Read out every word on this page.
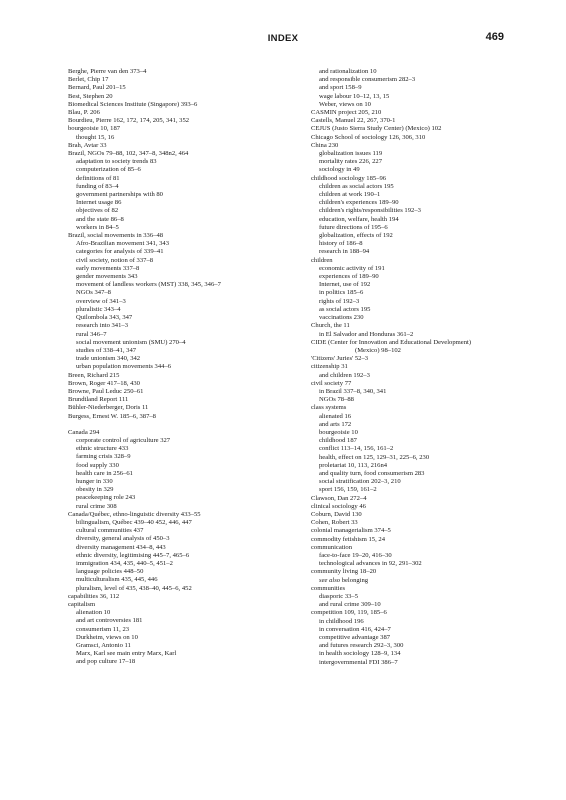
INDEX	469
Berghe, Pierre van den 373–4
Berlet, Chip 17
Bernard, Paul 201–15
Best, Stephen 20
Biomedical Sciences Institute (Singapore) 393–6
Blau, P. 206
Bourdieu, Pierre 162, 172, 174, 205, 341, 352
bourgeoisie 10, 187
thought 15, 16
Brah, Avtar 33
Brazil, NGOs 79–88, 102, 347–8, 348n2, 464
adaptation to society trends 83
computerization of 85–6
definitions of 81
funding of 83–4
government partnerships with 80
Internet usage 86
objectives of 82
and the state 86–8
workers in 84–5
Brazil, social movements in 336–48
Afro-Brazilian movement 341, 343
categories for analysis of 339–41
civil society, notion of 337–8
early movements 337–8
gender movements 343
movement of landless workers (MST) 338, 345, 346–7
NGOs 347–8
overview of 341–3
pluralistic 343–4
Quilombola 343, 347
research into 341–3
rural 346–7
social movement unionism (SMU) 270–4
studies of 338–41, 347
trade unionism 340, 342
urban population movements 344–6
Breen, Richard 215
Brown, Roger 417–18, 430
Browne, Paul Leduc 250–61
Brundtland Report 111
Bühler-Niederberger, Doris 11
Burgess, Ernest W. 185–6, 387–8
Canada 294
corporate control of agriculture 327
ethnic structure 433
farming crisis 328–9
food supply 330
health care in 256–61
hunger in 330
obesity in 329
peacekeeping role 243
rural crime 308
Canada/Québec, ethno-linguistic diversity 433–55
bilingualism, Québec 439–40 452, 446, 447
cultural communities 437
diversity, general analysis of 450–3
diversity management 434–8, 443
ethnic diversity, legitimising 445–7, 465–6
immigration 434, 435, 440–5, 451–2
language policies 448–50
multiculturalism 435, 445, 446
pluralism, level of 435, 438–40, 445–6, 452
capabilities 36, 112
capitalism
alienation 10
and art controversies 181
consumerism 11, 23
Durkheim, views on 10
Gramsci, Antonio 11
Marx, Karl see main entry Marx, Karl
and pop culture 17–18
and rationalization 10
and responsible consumerism 282–3
and sport 158–9
wage labour 10–12, 13, 15
Weber, views on 10
CASMIN project 205, 210
Castells, Manuel 22, 267, 370-1
CEJUS (Justo Sierra Study Center) (Mexico) 102
Chicago School of sociology 126, 306, 310
China 230
globalization issues 119
mortality rates 226, 227
sociology in 49
childhood sociology 185–96
children as social actors 195
children at work 190–1
children's experiences 189–90
children's rights/responsibilities 192–3
education, welfare, health 194
future directions of 195–6
globalization, effects of 192
history of 186–8
research in 188–94
children
economic activity of 191
experiences of 189–90
Internet, use of 192
in politics 185–6
rights of 192–3
as social actors 195
vaccinations 230
Church, the 11
in El Salvador and Honduras 361–2
CIDE (Center for Innovation and Educational Development)
(Mexico) 98–102
'Citizens' Juries' 52–3
citizenship 31
and children 192–3
civil society 77
in Brazil 337–8, 340, 341
NGOs 78–88
class systems
alienated 16
and arts 172
bourgeoisie 10
childhood 187
conflict 113–14, 156, 161–2
health, effect on 125, 129–31, 225–6, 230
proletariat 10, 113, 216n4
and quality turn, food consumerism 283
social stratification 202–3, 210
sport 156, 159, 161–2
Clawson, Dan 272–4
clinical sociology 46
Coburn, David 130
Cohen, Robert 33
colonial managerialism 374–5
commodity fetishism 15, 24
communication
face-to-face 19–20, 416–30
technological advances in 92, 291–302
community living 18–20
see also belonging
communities
diasporic 33–5
and rural crime 309–10
competition 109, 119, 185–6
in childhood 196
in conversation 416, 424–7
competitive advantage 387
and futures research 292–3, 300
in health sociology 128–9, 134
intergovernmental FDI 386–7
